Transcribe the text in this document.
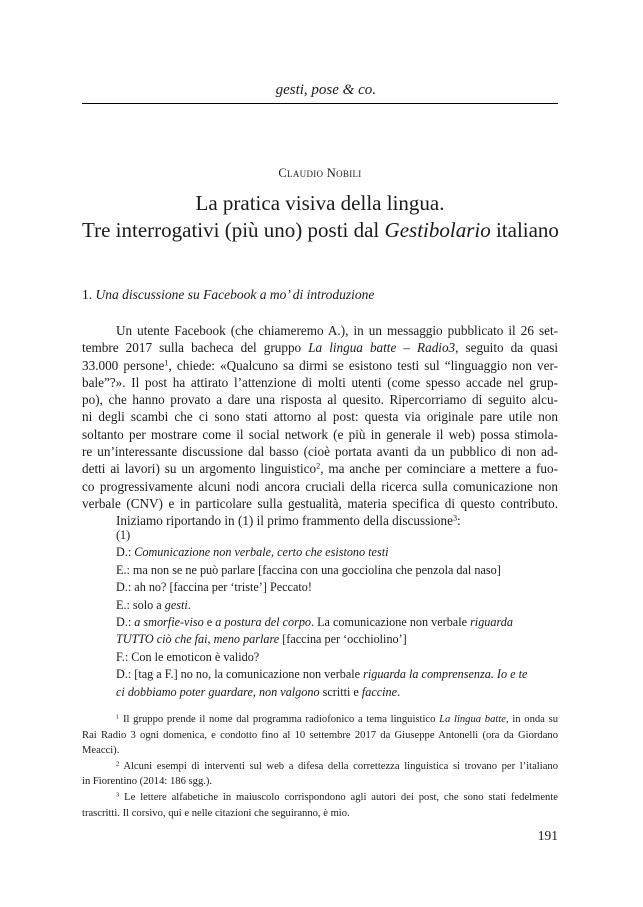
gesti, pose & co.
Claudio Nobili
La pratica visiva della lingua.
Tre interrogativi (più uno) posti dal Gestibolario italiano
1. Una discussione su Facebook a mo’ di introduzione
Un utente Facebook (che chiameremo A.), in un messaggio pubblicato il 26 set-
tembre 2017 sulla bacheca del gruppo La lingua batte – Radio3, seguito da quasi
33.000 persone$^1$, chiede: «Qualcuno sa dirmi se esistono testi sul “linguaggio non ver-
bale”?». Il post ha attirato l’attenzione di molti utenti (come spesso accade nel grup-
po), che hanno provato a dare una risposta al quesito. Ripercorriamo di seguito alcu-
ni degli scambi che ci sono stati attorno al post: questa via originale pare utile non
soltanto per mostrare come il social network (e più in generale il web) possa stimola-
re un’interessante discussione dal basso (cioè portata avanti da un pubblico di non ad-
detti ai lavori) su un argomento linguistico$^2$, ma anche per cominciare a mettere a fuo-
co progressivamente alcuni nodi ancora cruciali della ricerca sulla comunicazione non
verbale (CNV) e in particolare sulla gestualità, materia specifica di questo contributo.
Iniziamo riportando in (1) il primo frammento della discussione$^3$:
(1)
D.: Comunicazione non verbale, certo che esistono testi
E.: ma non se ne può parlare [faccina con una gocciolina che penzola dal naso]
D.: ah no? [faccina per ‘triste’] Peccato!
E.: solo a gesti.
D.: a smorfie-viso e a postura del corpo. La comunicazione non verbale riguarda
TUTTO ciò che fai, meno parlare [faccina per ‘occhiolino’]
F.: Con le emoticon è valido?
D.: [tag a F.] no no, la comunicazione non verbale riguarda la comprensenza. Io e te
ci dobbiamo poter guardare, non valgono scritti e faccine.
$^1$ Il gruppo prende il nome dal programma radiofonico a tema linguistico La lingua batte, in onda su
Rai Radio 3 ogni domenica, e condotto fino al 10 settembre 2017 da Giuseppe Antonelli (ora da Giordano
Meacci).
$^2$ Alcuni esempi di interventi sul web a difesa della correttezza linguistica si trovano per l’italiano
in Fiorentino (2014: 186 sgg.).
$^3$ Le lettere alfabetiche in maiuscolo corrispondono agli autori dei post, che sono stati fedelmente
trascritti. Il corsivo, qui e nelle citazioni che seguiranno, è mio.
191
